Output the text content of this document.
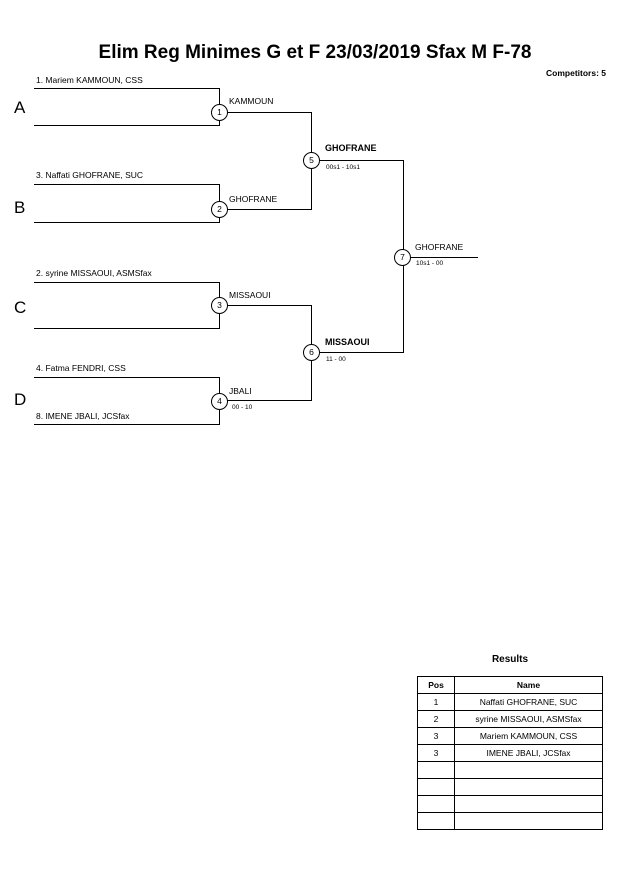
Elim Reg Minimes G et F 23/03/2019 Sfax M F-78
Competitors: 5
A
1. Mariem KAMMOUN, CSS
1
KAMMOUN
B
3. Naffati GHOFRANE, SUC
2
GHOFRANE
5
GHOFRANE
00s1 - 10s1
C
2. syrine MISSAOUI, ASMSfax
3
MISSAOUI
D
4. Fatma FENDRI, CSS
8. IMENE JBALI, JCSfax
4
JBALI
00 - 10
6
MISSAOUI
11 - 00
7
GHOFRANE
10s1 - 00
Results
Pos	Name
1	Naffati GHOFRANE, SUC
2	syrine MISSAOUI, ASMSfax
3	Mariem KAMMOUN, CSS
3	IMENE JBALI, JCSfax
